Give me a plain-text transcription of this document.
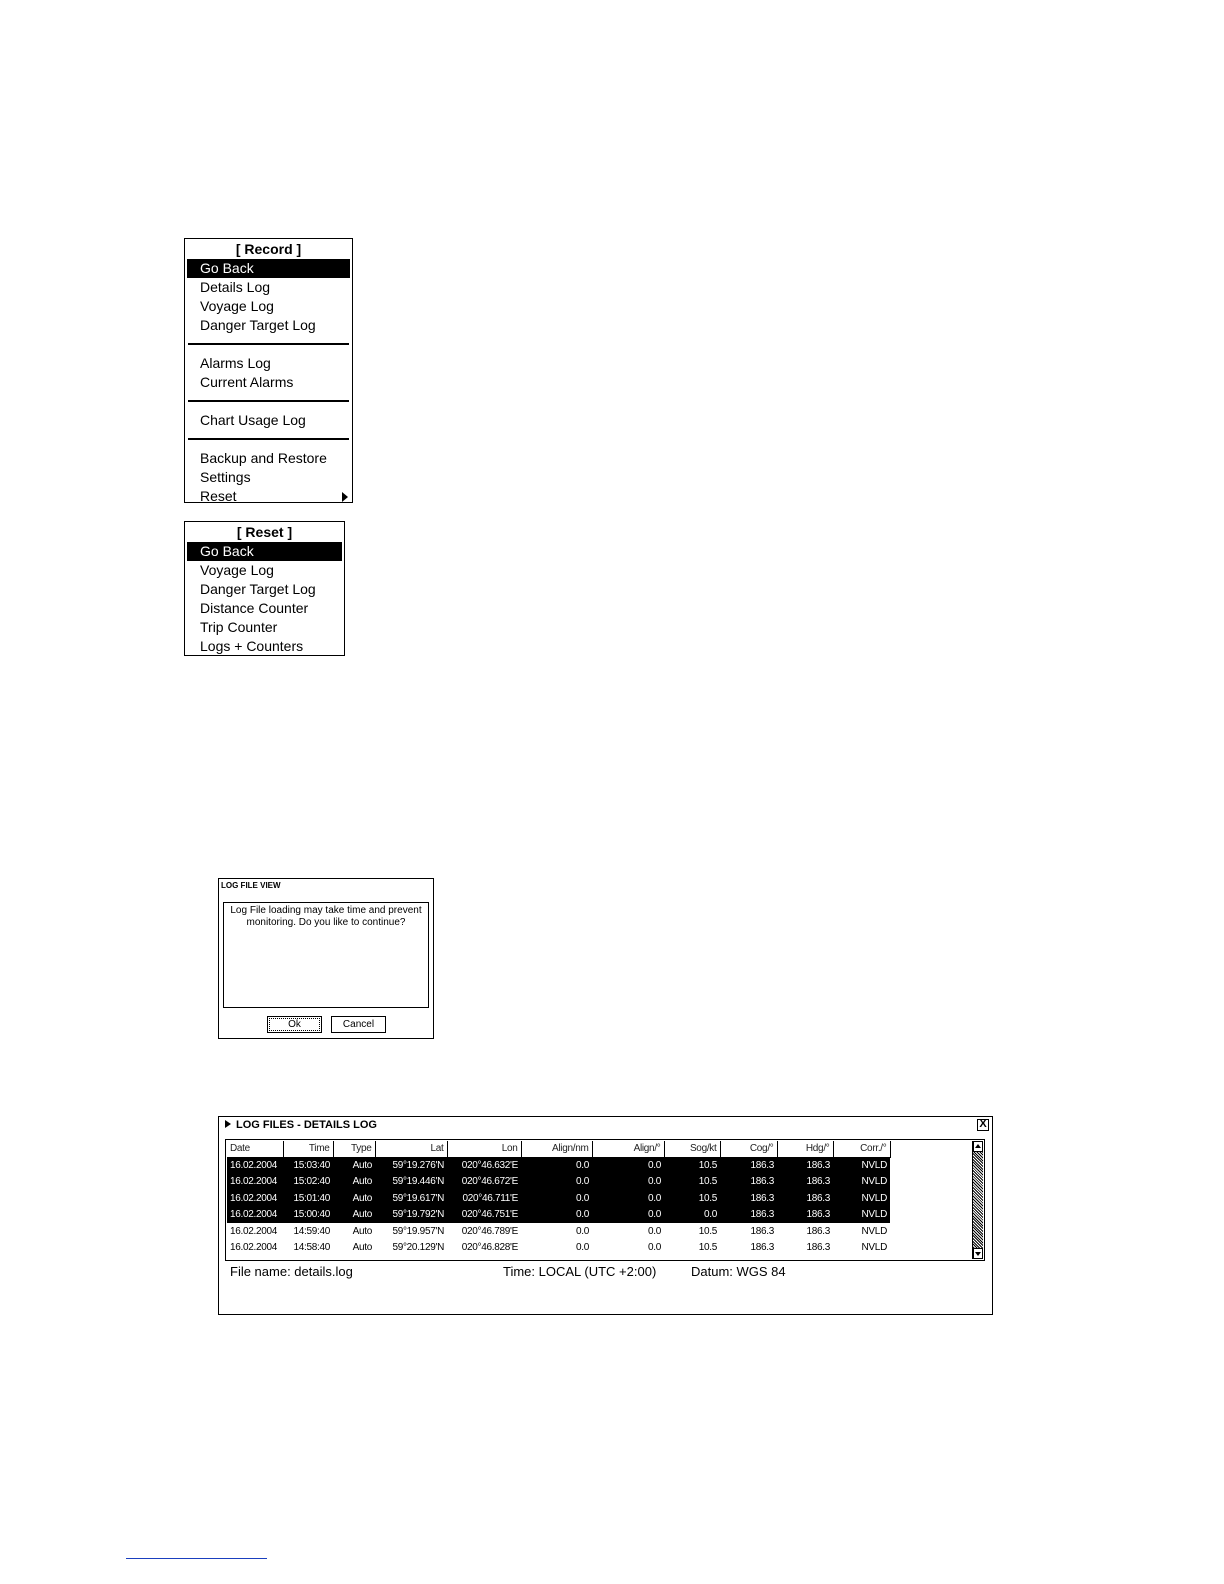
[ Record ]
Go Back
Details Log
Voyage Log
Danger Target Log
Alarms Log
Current Alarms
Chart Usage Log
Backup and Restore
Settings
Reset
[ Reset ]
Go Back
Voyage Log
Danger Target Log
Distance Counter
Trip Counter
Logs + Counters
LOG FILE VIEW
Log File loading may take time and prevent
monitoring. Do you like to continue?
Ok	Cancel
LOG FILES - DETAILS LOG	X
Date	Time	Type	Lat	Lon	Align/nm	Align/°	Sog/kt	Cog/°	Hdg/°	Corr./°
16.02.2004	15:03:40	Auto	59°19.276'N	020°46.632'E	0.0	0.0	10.5	186.3	186.3	NVLD
16.02.2004	15:02:40	Auto	59°19.446'N	020°46.672'E	0.0	0.0	10.5	186.3	186.3	NVLD
16.02.2004	15:01:40	Auto	59°19.617'N	020°46.711'E	0.0	0.0	10.5	186.3	186.3	NVLD
16.02.2004	15:00:40	Auto	59°19.792'N	020°46.751'E	0.0	0.0	0.0	186.3	186.3	NVLD
16.02.2004	14:59:40	Auto	59°19.957'N	020°46.789'E	0.0	0.0	10.5	186.3	186.3	NVLD
16.02.2004	14:58:40	Auto	59°20.129'N	020°46.828'E	0.0	0.0	10.5	186.3	186.3	NVLD
File name: details.log	Time: LOCAL (UTC +2:00)	Datum: WGS 84
